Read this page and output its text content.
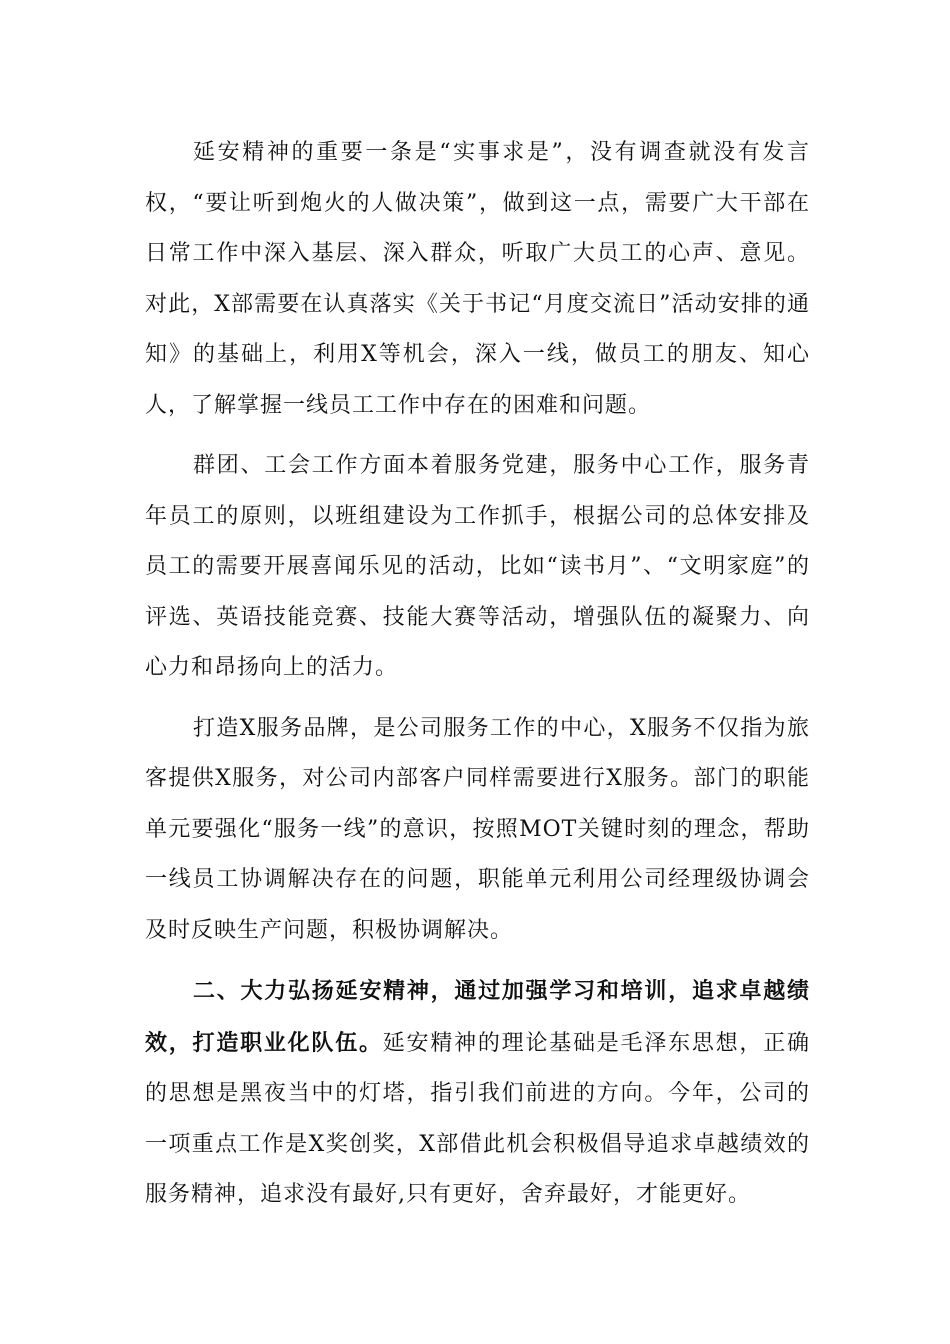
延安精神的重要一条是“实事求是”，没有调查就没有发言权，“要让听到炮火的人做决策”，做到这一点，需要广大干部在日常工作中深入基层、深入群众，听取广大员工的心声、意见。对此，X部需要在认真落实《关于书记“月度交流日”活动安排的通知》的基础上，利用X等机会，深入一线，做员工的朋友、知心人，了解掌握一线员工工作中存在的困难和问题。

群团、工会工作方面本着服务党建，服务中心工作，服务青年员工的原则，以班组建设为工作抓手，根据公司的总体安排及员工的需要开展喜闻乐见的活动，比如“读书月”、“文明家庭”的评选、英语技能竞赛、技能大赛等活动，增强队伍的凝聚力、向心力和昂扬向上的活力。

打造X服务品牌，是公司服务工作的中心，X服务不仅指为旅客提供X服务，对公司内部客户同样需要进行X服务。部门的职能单元要强化“服务一线”的意识，按照MOT关键时刻的理念，帮助一线员工协调解决存在的问题，职能单元利用公司经理级协调会及时反映生产问题，积极协调解决。

二、大力弘扬延安精神，通过加强学习和培训，追求卓越绩效，打造职业化队伍。延安精神的理论基础是毛泽东思想，正确的思想是黑夜当中的灯塔，指引我们前进的方向。今年，公司的一项重点工作是X奖创奖，X部借此机会积极倡导追求卓越绩效的服务精神，追求没有最好,只有更好，舍弃最好，才能更好。
